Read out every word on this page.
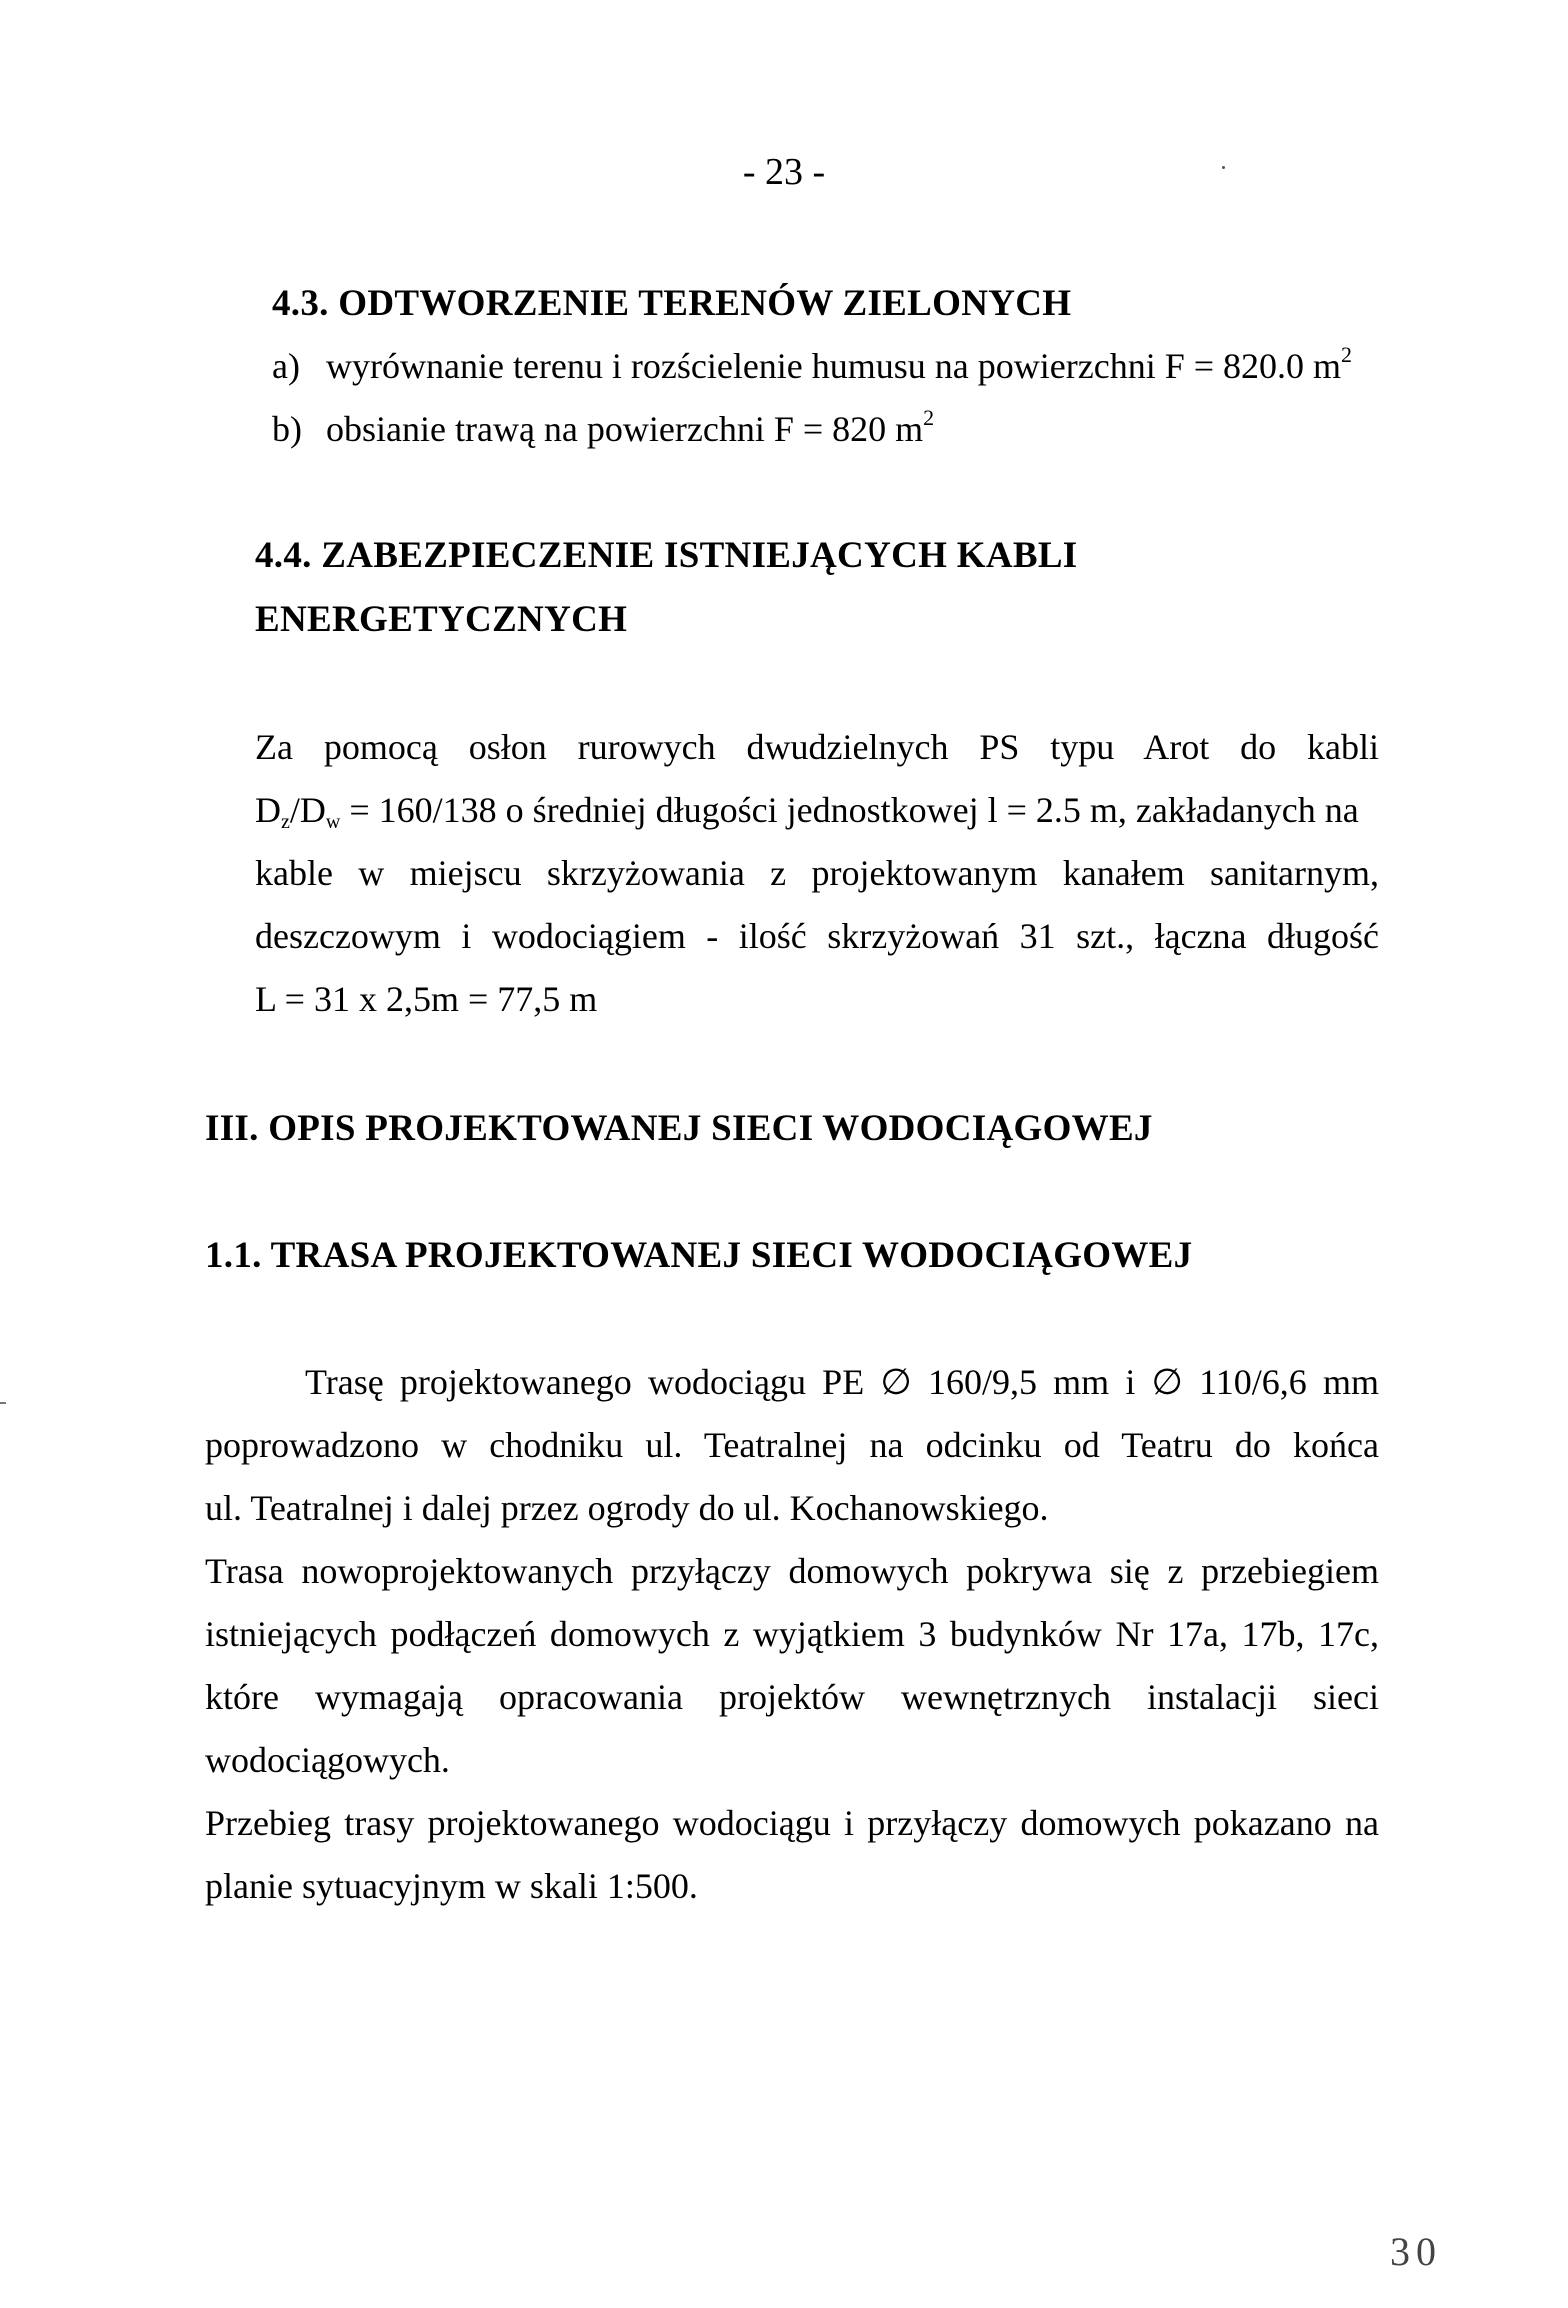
- 23 -
4.3. ODTWORZENIE TERENÓW ZIELONYCH
a) wyrównanie terenu i rozścielenie humusu na powierzchni F = 820.0 $m^2$
b) obsianie trawą na powierzchni F = 820 $m^2$
4.4. ZABEZPIECZENIE ISTNIEJĄCYCH KABLI
ENERGETYCZNYCH
Za pomocą osłon rurowych dwudzielnych PS typu Arot do kabli
$D_z/D_w = 160/138$ o średniej długości jednostkowej l = 2.5 m, zakładanych na
kable w miejscu skrzyżowania z projektowanym kanałem sanitarnym,
deszczowym i wodociągiem - ilość skrzyżowań 31 szt., łączna długość
L = 31 x 2,5m = 77,5 m
III. OPIS PROJEKTOWANEJ SIECI WODOCIĄGOWEJ
1.1. TRASA PROJEKTOWANEJ SIECI WODOCIĄGOWEJ
Trasę projektowanego wodociągu PE ∅ 160/9,5 mm i ∅ 110/6,6 mm
poprowadzono w chodniku ul. Teatralnej na odcinku od Teatru do końca
ul. Teatralnej i dalej przez ogrody do ul. Kochanowskiego.
Trasa nowoprojektowanych przyłączy domowych pokrywa się z przebiegiem
istniejących podłączeń domowych z wyjątkiem 3 budynków Nr 17a, 17b, 17c,
które wymagają opracowania projektów wewnętrznych instalacji sieci
wodociągowych.
Przebieg trasy projektowanego wodociągu i przyłączy domowych pokazano na
planie sytuacyjnym w skali 1:500.
30
